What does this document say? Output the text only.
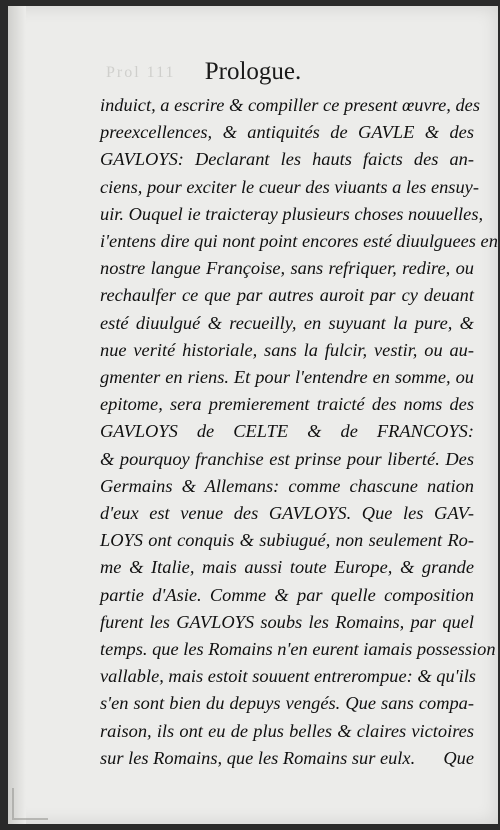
Prol 111	Prologue.
induict, a escrire & compiller ce present œuvre, des
preexcellences, & antiquités de GAVLE & des
GAVLOYS: Declarant les hauts faicts des an-
ciens, pour exciter le cueur des viuants a les ensuy-
uir. Ouquel ie traicteray plusieurs choses nouuelles,
i'entens dire qui nont point encores esté diuulguees en
nostre langue Françoise, sans refriquer, redire, ou
rechaulfer ce que par autres auroit par cy deuant
esté diuulgué & recueilly, en suyuant la pure, &
nue verité historiale, sans la fulcir, vestir, ou au-
gmenter en riens. Et pour l'entendre en somme, ou
epitome, sera premierement traicté des noms des
GAVLOYS de CELTE & de FRANCOYS:
& pourquoy franchise est prinse pour liberté. Des
Germains & Allemans: comme chascune nation
d'eux est venue des GAVLOYS. Que les GAV-
LOYS ont conquis & subiugué, non seulement Ro-
me & Italie, mais aussi toute Europe, & grande
partie d'Asie. Comme & par quelle composition
furent les GAVLOYS soubs les Romains, par quel
temps. que les Romains n'en eurent iamais possession
vallable, mais estoit souuent entrerompue: & qu'ils
s'en sont bien du depuys vengés. Que sans compa-
raison, ils ont eu de plus belles & claires victoires
sur les Romains, que les Romains sur eulx.	Que
